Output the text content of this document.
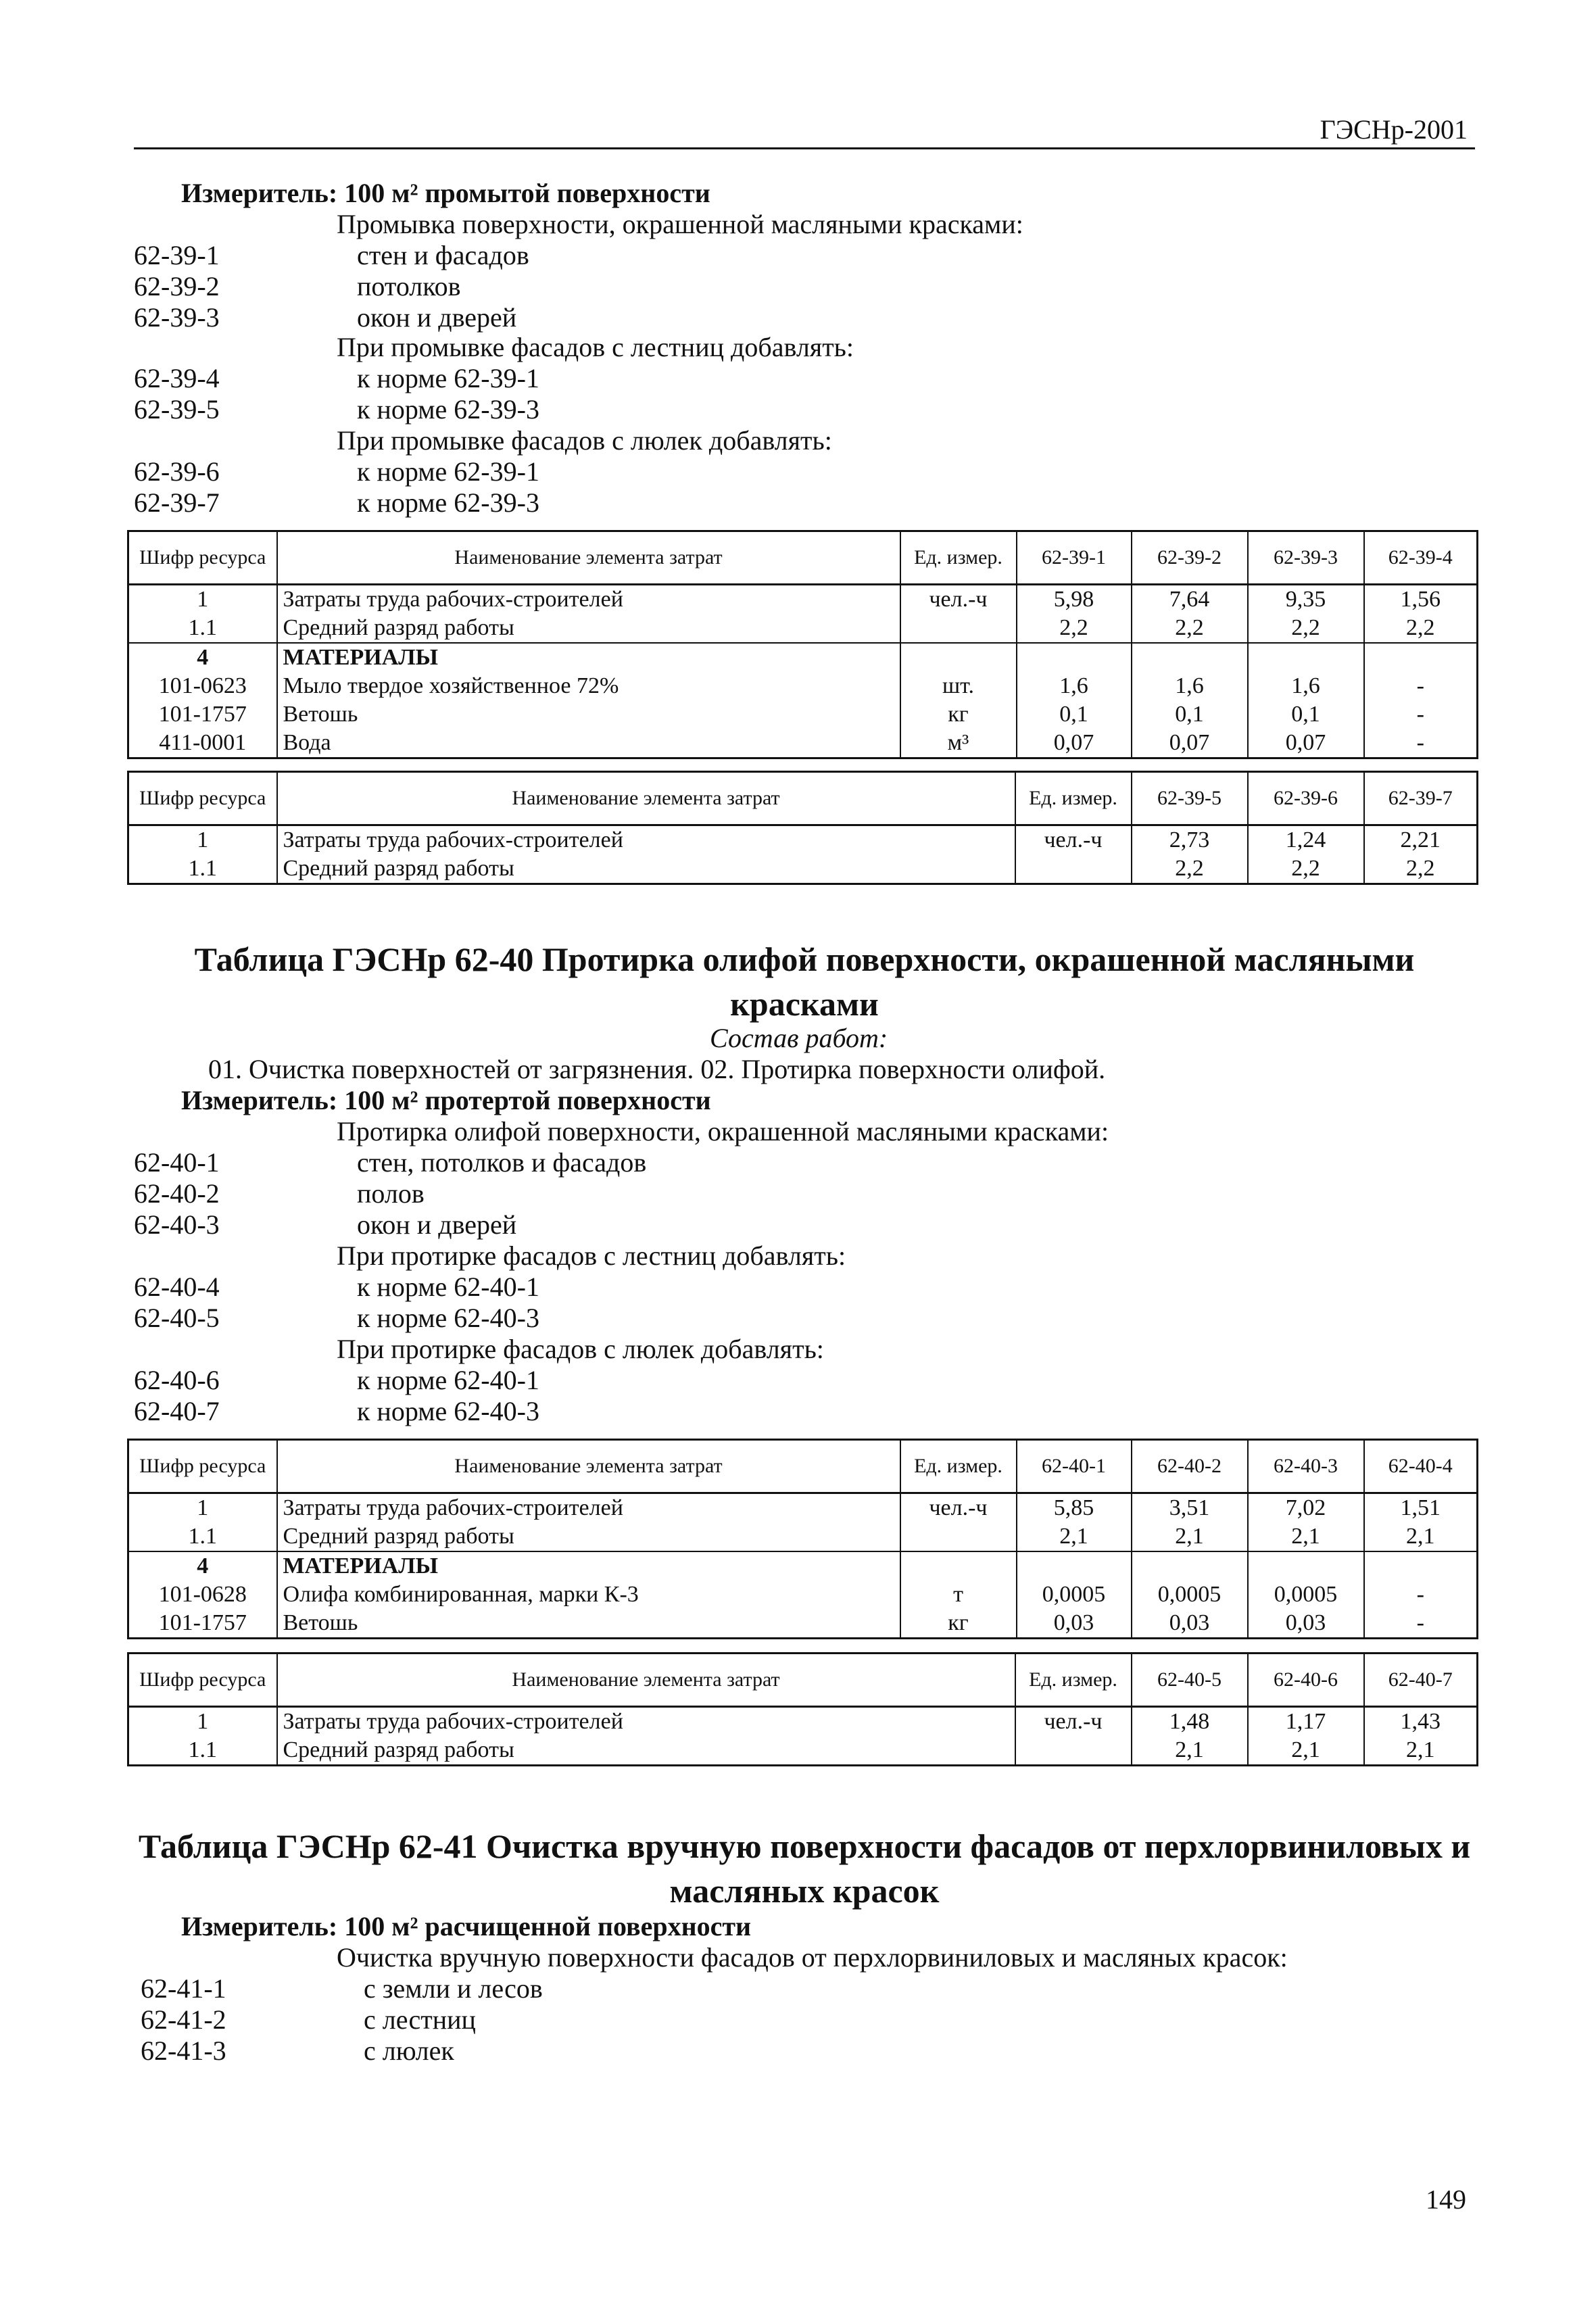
ГЭСНр-2001
Измеритель: 100 м² промытой поверхности
Промывка поверхности, окрашенной масляными красками:
62-39-1	стен и фасадов
62-39-2	потолков
62-39-3	окон и дверей
При промывке фасадов с лестниц добавлять:
62-39-4	к норме 62-39-1
62-39-5	к норме 62-39-3
При промывке фасадов с люлек добавлять:
62-39-6	к норме 62-39-1
62-39-7	к норме 62-39-3
Шифр ресурса	Наименование элемента затрат	Ед. измер.	62-39-1	62-39-2	62-39-3	62-39-4
1	Затраты труда рабочих-строителей	чел.-ч	5,98	7,64	9,35	1,56
1.1	Средний разряд работы		2,2	2,2	2,2	2,2
4	МАТЕРИАЛЫ					
101-0623	Мыло твердое хозяйственное 72%	шт.	1,6	1,6	1,6	-
101-1757	Ветошь	кг	0,1	0,1	0,1	-
411-0001	Вода	м³	0,07	0,07	0,07	-
Шифр ресурса	Наименование элемента затрат	Ед. измер.	62-39-5	62-39-6	62-39-7
1	Затраты труда рабочих-строителей	чел.-ч	2,73	1,24	2,21
1.1	Средний разряд работы		2,2	2,2	2,2
Таблица ГЭСНр 62-40 Протирка олифой поверхности, окрашенной масляными красками
Состав работ:
01. Очистка поверхностей от загрязнения. 02. Протирка поверхности олифой.
Измеритель: 100 м² протертой поверхности
Протирка олифой поверхности, окрашенной масляными красками:
62-40-1	стен, потолков и фасадов
62-40-2	полов
62-40-3	окон и дверей
При протирке фасадов с лестниц добавлять:
62-40-4	к норме 62-40-1
62-40-5	к норме 62-40-3
При протирке фасадов с люлек добавлять:
62-40-6	к норме 62-40-1
62-40-7	к норме 62-40-3
Шифр ресурса	Наименование элемента затрат	Ед. измер.	62-40-1	62-40-2	62-40-3	62-40-4
1	Затраты труда рабочих-строителей	чел.-ч	5,85	3,51	7,02	1,51
1.1	Средний разряд работы		2,1	2,1	2,1	2,1
4	МАТЕРИАЛЫ					
101-0628	Олифа комбинированная, марки К-3	т	0,0005	0,0005	0,0005	-
101-1757	Ветошь	кг	0,03	0,03	0,03	-
Шифр ресурса	Наименование элемента затрат	Ед. измер.	62-40-5	62-40-6	62-40-7
1	Затраты труда рабочих-строителей	чел.-ч	1,48	1,17	1,43
1.1	Средний разряд работы		2,1	2,1	2,1
Таблица ГЭСНр 62-41 Очистка вручную поверхности фасадов от перхлорвиниловых и масляных красок
Измеритель: 100 м² расчищенной поверхности
Очистка вручную поверхности фасадов от перхлорвиниловых и масляных красок:
62-41-1	с земли и лесов
62-41-2	с лестниц
62-41-3	с люлек
149
